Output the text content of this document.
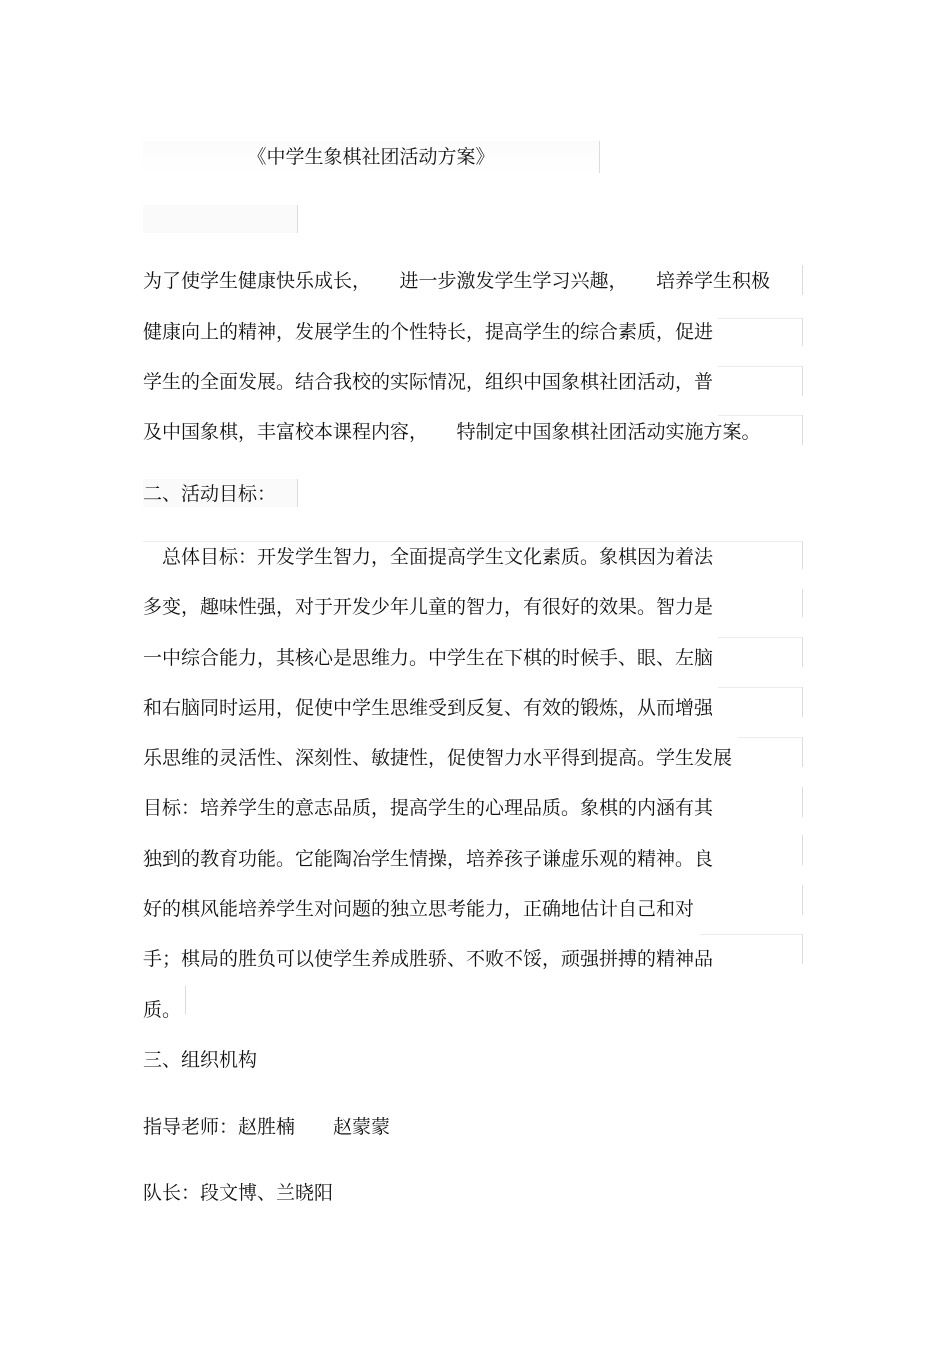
《中学生象棋社团活动方案》
为了使学生健康快乐成长，　　进一步激发学生学习兴趣，　　培养学生积极
健康向上的精神，发展学生的个性特长，提高学生的综合素质，促进
学生的全面发展。结合我校的实际情况，组织中国象棋社团活动，普
及中国象棋，丰富校本课程内容，　　特制定中国象棋社团活动实施方案。
二、活动目标：
　总体目标：开发学生智力，全面提高学生文化素质。象棋因为着法
多变，趣味性强，对于开发少年儿童的智力，有很好的效果。智力是
一中综合能力，其核心是思维力。中学生在下棋的时候手、眼、左脑
和右脑同时运用，促使中学生思维受到反复、有效的锻炼，从而增强
乐思维的灵活性、深刻性、敏捷性，促使智力水平得到提高。学生发展
目标：培养学生的意志品质，提高学生的心理品质。象棋的内涵有其
独到的教育功能。它能陶冶学生情操，培养孩子谦虚乐观的精神。良
好的棋风能培养学生对问题的独立思考能力，正确地估计自己和对
手；棋局的胜负可以使学生养成胜骄、不败不馁，顽强拼搏的精神品
质。
三、组织机构
指导老师：赵胜楠　　赵蒙蒙
队长：段文博、兰晓阳
